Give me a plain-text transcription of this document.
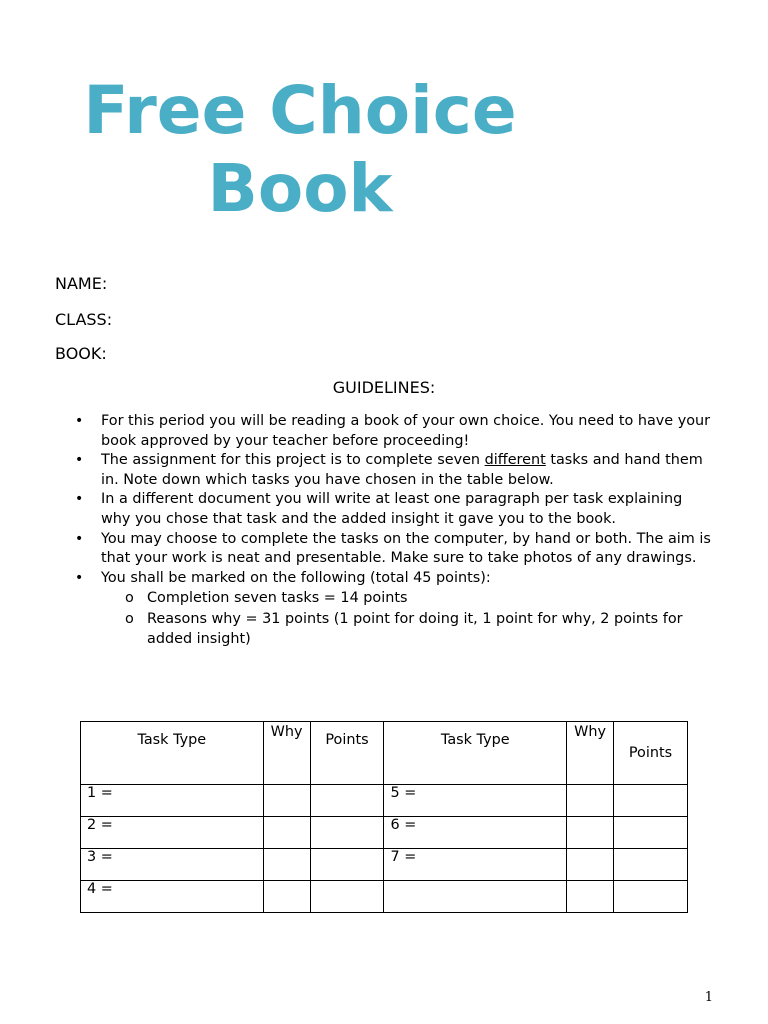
Free Choice
Book

NAME:

CLASS:

BOOK:

GUIDELINES:

• For this period you will be reading a book of your own choice. You need to have your book approved by your teacher before proceeding!
• The assignment for this project is to complete seven different tasks and hand them in. Note down which tasks you have chosen in the table below.
• In a different document you will write at least one paragraph per task explaining why you chose that task and the added insight it gave you to the book.
• You may choose to complete the tasks on the computer, by hand or both. The aim is that your work is neat and presentable. Make sure to take photos of any drawings.
• You shall be marked on the following (total 45 points):
o Completion seven tasks = 14 points
o Reasons why = 31 points (1 point for doing it, 1 point for why, 2 points for added insight)
Task Type	Why	Points	Task Type	Why	Points
1 =			5 =		
2 =			6 =		
3 =			7 =		
4 =					
1
